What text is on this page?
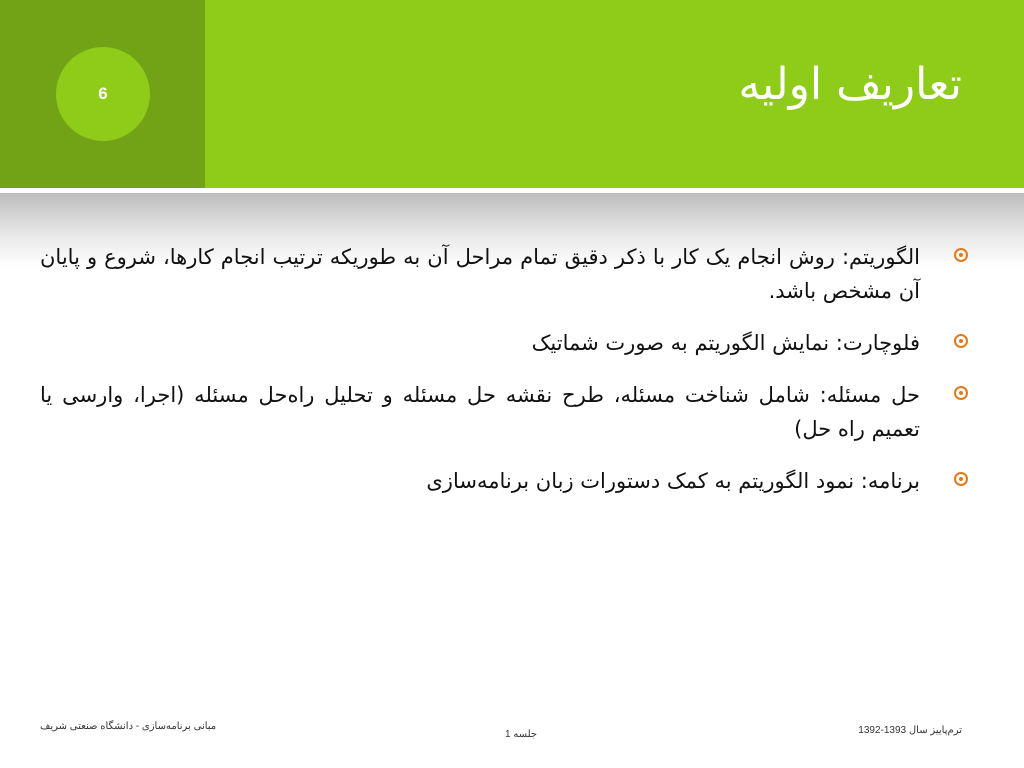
6	تعاریف اولیه
الگوریتم: روش انجام یک کار با ذکر دقیق تمام مراحل آن به طوریکه ترتیب انجام کارها، شروع و پایان آن مشخص باشد.
فلوچارت: نمایش الگوریتم به صورت شماتیک
حل مسئله: شامل شناخت مسئله، طرح نقشه حل مسئله و تحلیل راه‌حل مسئله (اجرا، وارسی یا تعمیم راه حل)
برنامه: نمود الگوریتم به کمک دستورات زبان برنامه‌سازی
مبانی برنامه‌سازی - دانشگاه صنعتی شریف
جلسه 1	ترم‌پاییز سال 1393-1392
